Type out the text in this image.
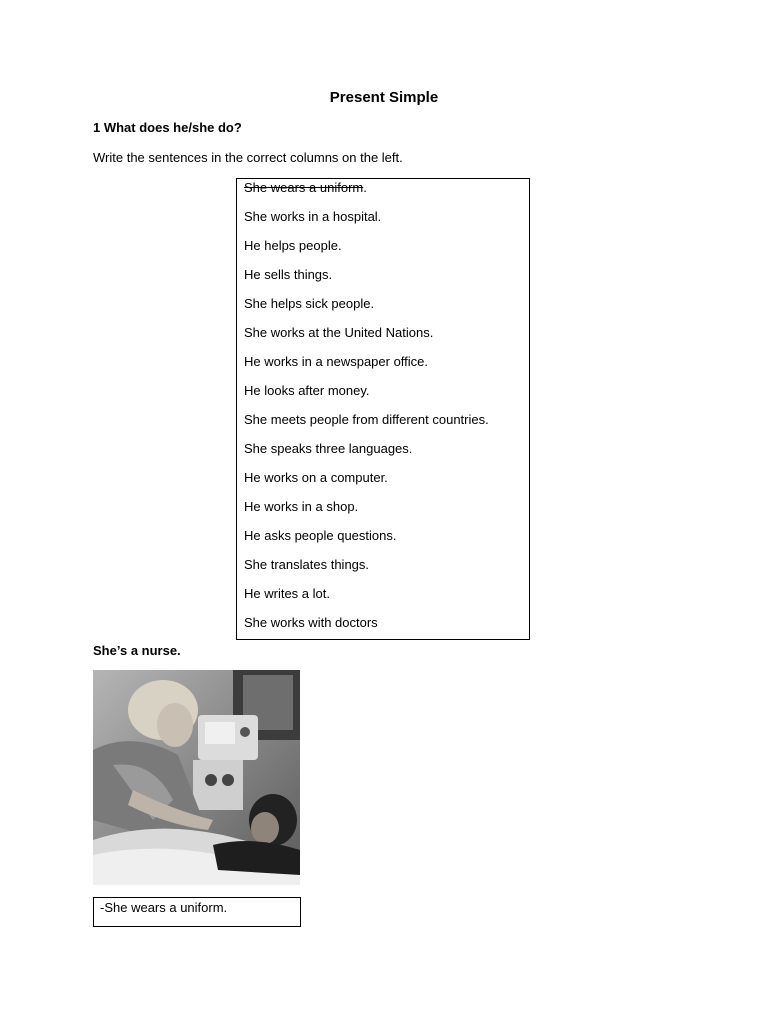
Present Simple
1 What does he/she do?
Write the sentences in the correct columns on the left.
She wears a uniform.
She works in a hospital.
He helps people.
He sells things.
She helps sick people.
She works at the United Nations.
He works in a newspaper office.
He looks after money.
She meets people from different countries.
She speaks three languages.
He works on a computer.
He works in a shop.
He asks people questions.
She translates things.
He writes a lot.
She works with doctors
She’s a nurse.
-She wears a uniform.
